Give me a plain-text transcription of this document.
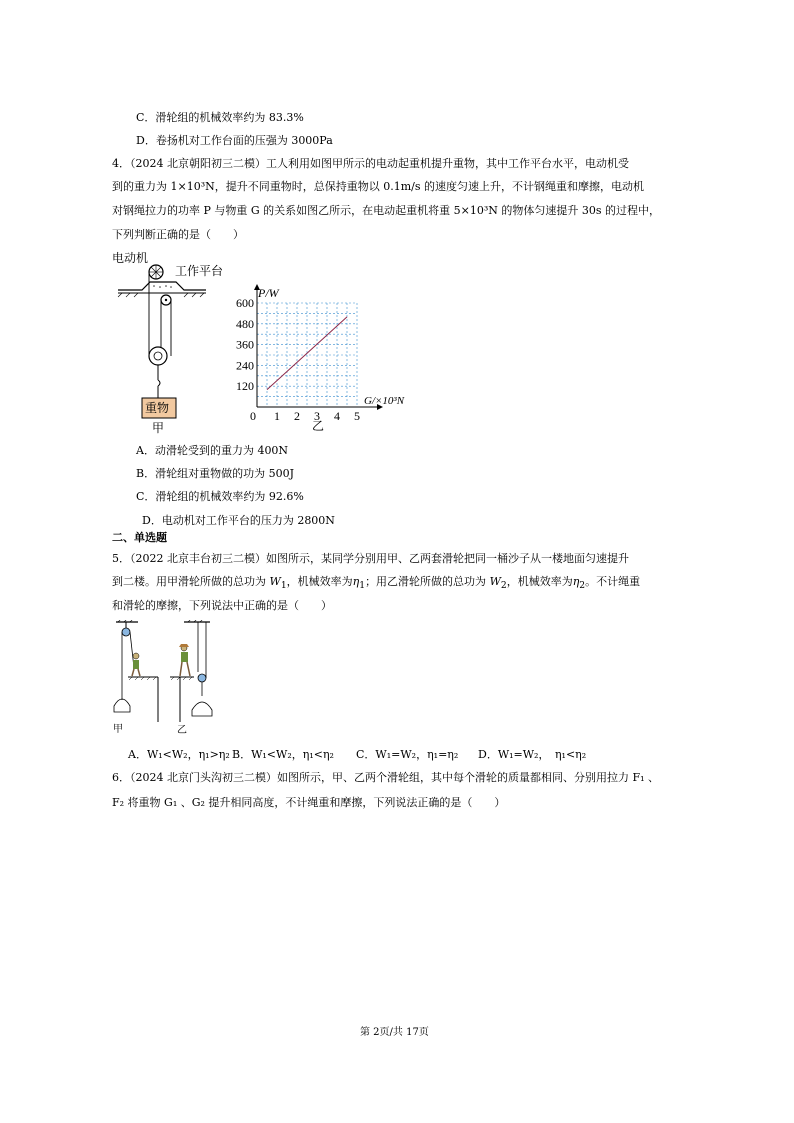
C．滑轮组的机械效率约为 83.3%
D．卷扬机对工作台面的压强为 3000Pa
4．（2024 北京朝阳初三二模）工人利用如图甲所示的电动起重机提升重物，其中工作平台水平，电动机受
到的重力为 1×10³N，提升不同重物时，总保持重物以 0.1m/s 的速度匀速上升，不计钢绳重和摩擦，电动机
对钢绳拉力的功率 P 与物重 G 的关系如图乙所示，在电动起重机将重 5×10³N 的物体匀速提升 30s 的过程中，
下列判断正确的是（　　）
电动机
工作平台
重物
甲
0 1 2 3 4 5
120
240
360
480
600
P/W
G/×10³N
乙
A．动滑轮受到的重力为 400N
B．滑轮组对重物做的功为 500J
C．滑轮组的机械效率约为 92.6%
D．电动机对工作平台的压力为 2800N
二、单选题
5．（2022 北京丰台初三二模）如图所示，某同学分别用甲、乙两套滑轮把同一桶沙子从一楼地面匀速提升
到二楼。用甲滑轮所做的总功为 $W_1$，机械效率为$\eta_1$；用乙滑轮所做的总功为 $W_2$，机械效率为$\eta_2$。不计绳重
和滑轮的摩擦，下列说法中正确的是（　　）
甲	乙
A．W₁<W₂，η₁>η₂ B．W₁<W₂，η₁<η₂ C．W₁=W₂，η₁=η₂ D．W₁=W₂，　η₁<η₂
6．（2024 北京门头沟初三二模）如图所示，甲、乙两个滑轮组，其中每个滑轮的质量都相同、分别用拉力 F₁ 、
F₂ 将重物 G₁ 、G₂ 提升相同高度，不计绳重和摩擦，下列说法正确的是（　　）
第 2页/共 17页
